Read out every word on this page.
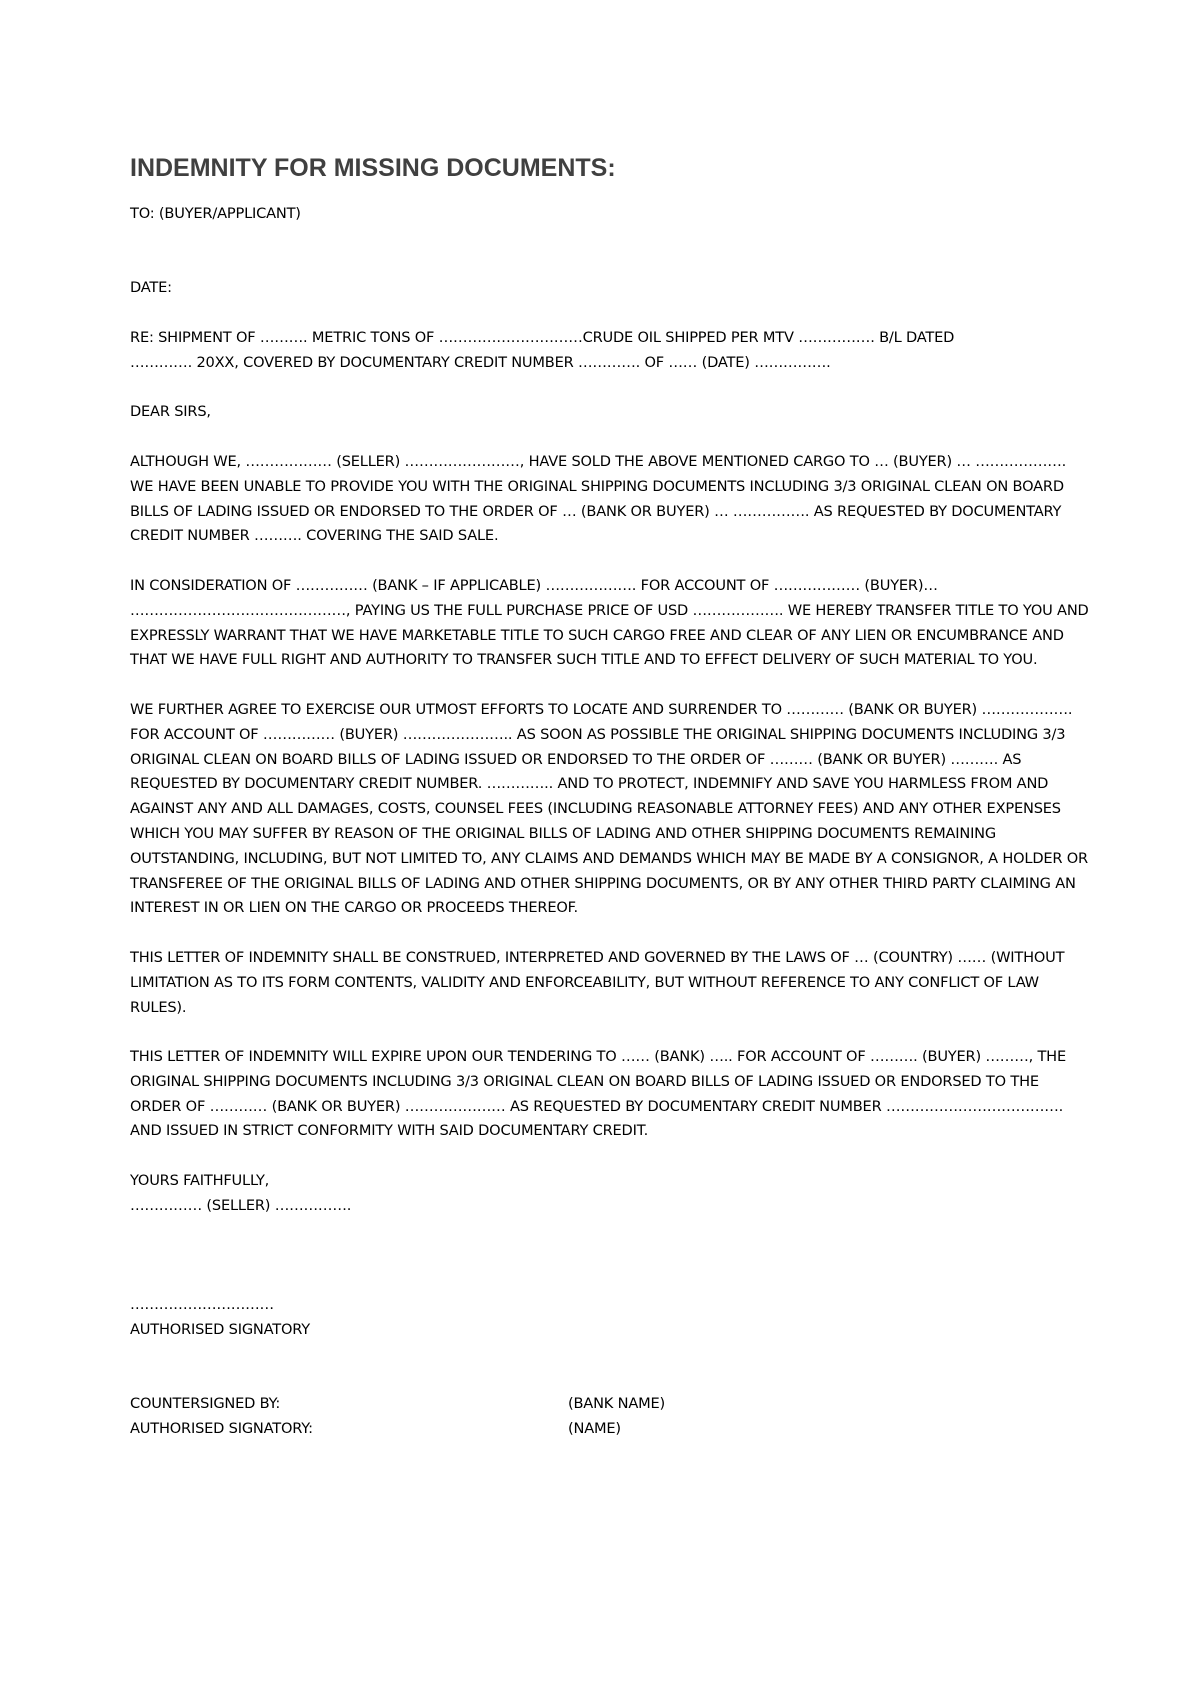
INDEMNITY FOR MISSING DOCUMENTS:
TO: (BUYER/APPLICANT)
DATE:
RE: SHIPMENT OF ………. METRIC TONS OF …………………………CRUDE OIL SHIPPED PER MTV ……………. B/L DATED
…………. 20XX, COVERED BY DOCUMENTARY CREDIT NUMBER …………. OF …… (DATE) …………….
DEAR SIRS,
ALTHOUGH WE, ……………… (SELLER) ……………………, HAVE SOLD THE ABOVE MENTIONED CARGO TO … (BUYER) … ………………. WE HAVE BEEN UNABLE TO PROVIDE YOU WITH THE ORIGINAL SHIPPING DOCUMENTS INCLUDING 3/3 ORIGINAL CLEAN ON BOARD BILLS OF LADING ISSUED OR ENDORSED TO THE ORDER OF … (BANK OR BUYER) … ……………. AS REQUESTED BY DOCUMENTARY CREDIT NUMBER ………. COVERING THE SAID SALE.
IN CONSIDERATION OF …………… (BANK – IF APPLICABLE) ………………. FOR ACCOUNT OF ……………… (BUYER)… ………………………………………, PAYING US THE FULL PURCHASE PRICE OF USD ………………. WE HEREBY TRANSFER TITLE TO YOU AND EXPRESSLY WARRANT THAT WE HAVE MARKETABLE TITLE TO SUCH CARGO FREE AND CLEAR OF ANY LIEN OR ENCUMBRANCE AND THAT WE HAVE FULL RIGHT AND AUTHORITY TO TRANSFER SUCH TITLE AND TO EFFECT DELIVERY OF SUCH MATERIAL TO YOU.
WE FURTHER AGREE TO EXERCISE OUR UTMOST EFFORTS TO LOCATE AND SURRENDER TO ………… (BANK OR BUYER) ………………. FOR ACCOUNT OF …………… (BUYER) ………………….. AS SOON AS POSSIBLE THE ORIGINAL SHIPPING DOCUMENTS INCLUDING 3/3 ORIGINAL CLEAN ON BOARD BILLS OF LADING ISSUED OR ENDORSED TO THE ORDER OF ……… (BANK OR BUYER) ………. AS REQUESTED BY DOCUMENTARY CREDIT NUMBER. ………….. AND TO PROTECT, INDEMNIFY AND SAVE YOU HARMLESS FROM AND AGAINST ANY AND ALL DAMAGES, COSTS, COUNSEL FEES (INCLUDING REASONABLE ATTORNEY FEES) AND ANY OTHER EXPENSES WHICH YOU MAY SUFFER BY REASON OF THE ORIGINAL BILLS OF LADING AND OTHER SHIPPING DOCUMENTS REMAINING OUTSTANDING, INCLUDING, BUT NOT LIMITED TO, ANY CLAIMS AND DEMANDS WHICH MAY BE MADE BY A CONSIGNOR, A HOLDER OR TRANSFEREE OF THE ORIGINAL BILLS OF LADING AND OTHER SHIPPING DOCUMENTS, OR BY ANY OTHER THIRD PARTY CLAIMING AN INTEREST IN OR LIEN ON THE CARGO OR PROCEEDS THEREOF.
THIS LETTER OF INDEMNITY SHALL BE CONSTRUED, INTERPRETED AND GOVERNED BY THE LAWS OF … (COUNTRY) …… (WITHOUT LIMITATION AS TO ITS FORM CONTENTS, VALIDITY AND ENFORCEABILITY, BUT WITHOUT REFERENCE TO ANY CONFLICT OF LAW RULES).
THIS LETTER OF INDEMNITY WILL EXPIRE UPON OUR TENDERING TO …… (BANK) ….. FOR ACCOUNT OF ………. (BUYER) ………, THE ORIGINAL SHIPPING DOCUMENTS INCLUDING 3/3 ORIGINAL CLEAN ON BOARD BILLS OF LADING ISSUED OR ENDORSED TO THE ORDER OF ………… (BANK OR BUYER) ………………… AS REQUESTED BY DOCUMENTARY CREDIT NUMBER ………………………………. AND ISSUED IN STRICT CONFORMITY WITH SAID DOCUMENTARY CREDIT.
YOURS FAITHFULLY,
…………… (SELLER) …………….
…………………………
AUTHORISED SIGNATORY
COUNTERSIGNED BY:	(BANK NAME)
AUTHORISED SIGNATORY:	(NAME)
